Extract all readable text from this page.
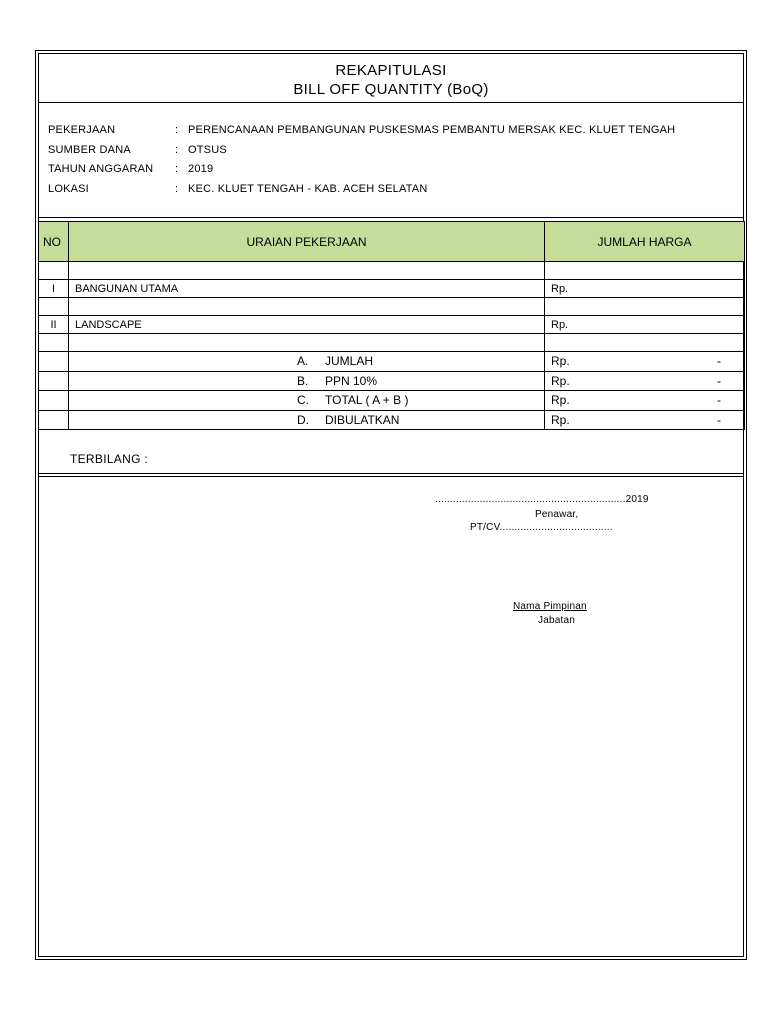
REKAPITULASI
BILL OFF QUANTITY (BoQ)
PEKERJAAN	: PERENCANAAN PEMBANGUNAN PUSKESMAS PEMBANTU MERSAK KEC. KLUET TENGAH
SUMBER DANA	: OTSUS
TAHUN ANGGARAN : 2019
LOKASI	: KEC. KLUET TENGAH - KAB. ACEH SELATAN
NO	URAIAN PEKERJAAN	JUMLAH HARGA

I	BANGUNAN UTAMA	Rp.

II	LANDSCAPE	Rp.

	A. JUMLAH	Rp. -
	B. PPN 10%	Rp. -
	C. TOTAL ( A + B )	Rp. -
	D. DIBULATKAN	Rp. -
TERBILANG :
................................................................2019
Penawar,
PT/CV......................................
Nama Pimpinan
Jabatan
